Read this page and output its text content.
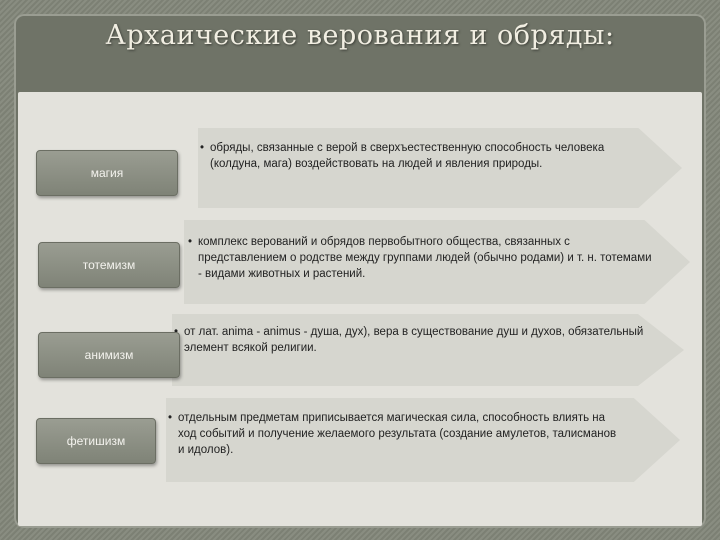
Архаические верования и обряды:
• обряды, связанные с верой в сверхъестественную способность человека (колдуна, мага) воздействовать на людей и явления природы.
магия
• комплекс верований и обрядов первобытного общества, связанных с представлением о родстве между группами людей (обычно родами) и т. н. тотемами - видами животных и растений.
тотемизм
от лат. anima - animus - душа, дух), вера в существование душ и духов, обязательный элемент всякой религии.
анимизм
• отдельным предметам приписывается магическая сила, способность влиять на ход событий и получение желаемого результата (создание амулетов, талисманов и идолов).
фетишизм
